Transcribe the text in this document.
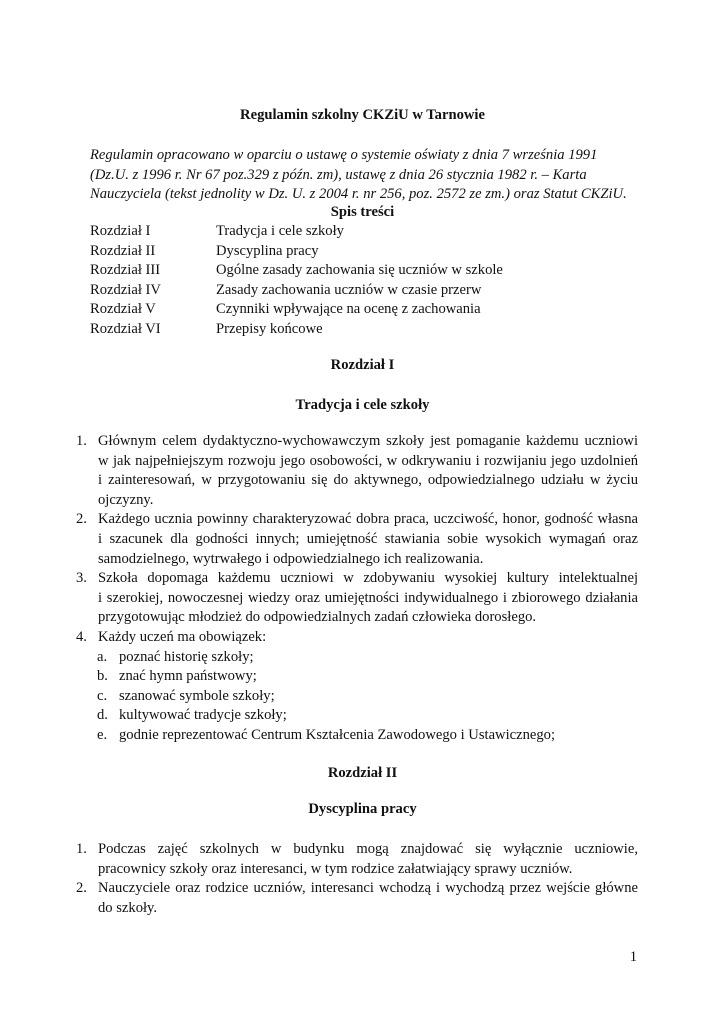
Regulamin szkolny CKZiU w Tarnowie
Regulamin opracowano w oparciu o ustawę o systemie oświaty z dnia 7 września 1991
(Dz.U. z 1996 r. Nr 67 poz.329 z późn. zm), ustawę z dnia 26 stycznia 1982 r. – Karta
Nauczyciela (tekst jednolity w Dz. U. z 2004 r. nr 256, poz. 2572 ze zm.) oraz Statut CKZiU.
Spis treści
Rozdział I	Tradycja i cele szkoły
Rozdział II	Dyscyplina pracy
Rozdział III	Ogólne zasady zachowania się uczniów w szkole
Rozdział IV	Zasady zachowania uczniów w czasie przerw
Rozdział V	Czynniki wpływające na ocenę z zachowania
Rozdział VI	Przepisy końcowe
Rozdział I
Tradycja i cele szkoły
1. Głównym celem dydaktyczno-wychowawczym szkoły jest pomaganie każdemu uczniowi
w jak najpełniejszym rozwoju jego osobowości, w odkrywaniu i rozwijaniu jego uzdolnień
i zainteresowań, w przygotowaniu się do aktywnego, odpowiedzialnego udziału w życiu
ojczyzny.
2. Każdego ucznia powinny charakteryzować dobra praca, uczciwość, honor, godność własna
i szacunek dla godności innych; umiejętność stawiania sobie wysokich wymagań oraz
samodzielnego, wytrwałego i odpowiedzialnego ich realizowania.
3. Szkoła dopomaga każdemu uczniowi w zdobywaniu wysokiej kultury intelektualnej
i szerokiej, nowoczesnej wiedzy oraz umiejętności indywidualnego i zbiorowego działania
przygotowując młodzież do odpowiedzialnych zadań człowieka dorosłego.
4. Każdy uczeń ma obowiązek:
a. poznać historię szkoły;
b. znać hymn państwowy;
c. szanować symbole szkoły;
d. kultywować tradycje szkoły;
e. godnie reprezentować Centrum Kształcenia Zawodowego i Ustawicznego;
Rozdział II
Dyscyplina pracy
1. Podczas zajęć szkolnych w budynku mogą znajdować się wyłącznie uczniowie,
pracownicy szkoły oraz interesanci, w tym rodzice załatwiający sprawy uczniów.
2. Nauczyciele oraz rodzice uczniów, interesanci wchodzą i wychodzą przez wejście główne
do szkoły.
1
